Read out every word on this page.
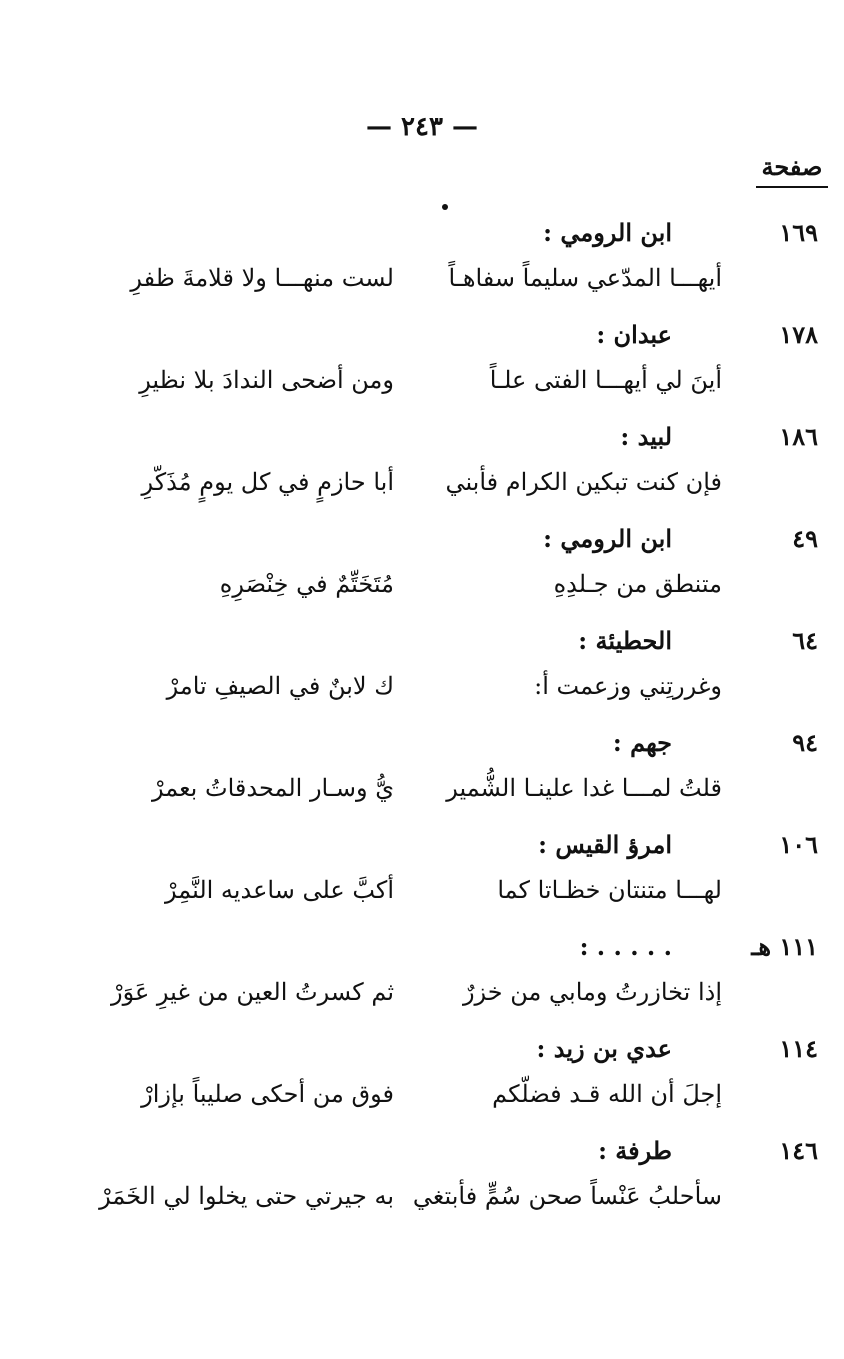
— ٢٤٣ —
صفحة
١٦٩
ابن الرومي :
أيهـــا المدّعي سليماً سفاهـاً
لست منهـــا ولا قلامةَ ظفرِ
١٧٨
عبدان :
أينَ لي أيهـــا الفتى علـاً
ومن أضحى الندادَ بلا نظيرِ
١٨٦
لبيد :
فإن كنت تبكين الكرام فأبني
أبا حازمٍ في كل يومٍ مُذَكّرِ
٤٩
ابن الرومي :
متنطق من جـلدِهِ
مُتَخَتِّمٌ في خِنْصَرِهِ
٦٤
الحطيئة :
وغررتِني وزعمت أ:
ك لابنٌ في الصيفِ تامرْ
٩٤
جهم :
قلتُ لمـــا غدا علينـا الشُّمير
يُّ وسـار المحدقاتُ بعمرْ
١٠٦
امرؤ القيس :
لهـــا متنتان خظـاتا كما
أكبَّ على ساعديه النَّمِرْ
١١١ هـ
. . . . . :
إذا تخازرتُ ومابي من خزرٌ
ثم كسرتُ العين من غيرِ عَوَرْ
١١٤
عدي بن زيد :
إجلَ أن الله قـد فضلّكم
فوق من أحكى صليباً بإزارْ
١٤٦
طرفة :
سأحلبُ عَنْساً صحن سُمٍّ فأبتغي
به جيرتي حتى يخلوا لي الخَمَرْ
